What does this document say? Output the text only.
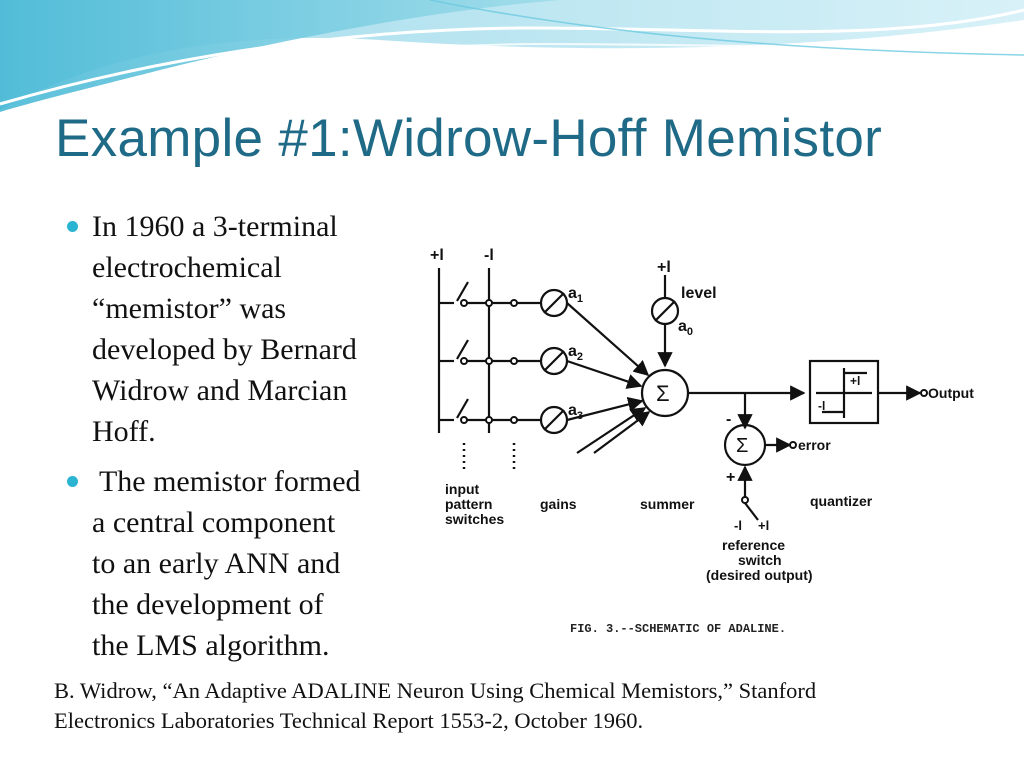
Example #1:Widrow-Hoff Memistor
In 1960 a 3-terminal
electrochemical
“memistor” was
developed by Bernard
Widrow and Marcian
Hoff.
The memistor formed
a central component
to an early ANN and
the development of
the LMS algorithm.
+l	-l
+l
level
$a_1$
$a_2$
$a_3$
$a_0$
Σ
Σ
-
+
error
Output
+l
-l
input
pattern
switches
gains	summer	quantizer
-l +l
reference
switch
(desired output)
FIG. 3.--SCHEMATIC OF ADALINE.

B. Widrow, “An Adaptive ADALINE Neuron Using Chemical Memistors,” Stanford
Electronics Laboratories Technical Report 1553-2, October 1960.
